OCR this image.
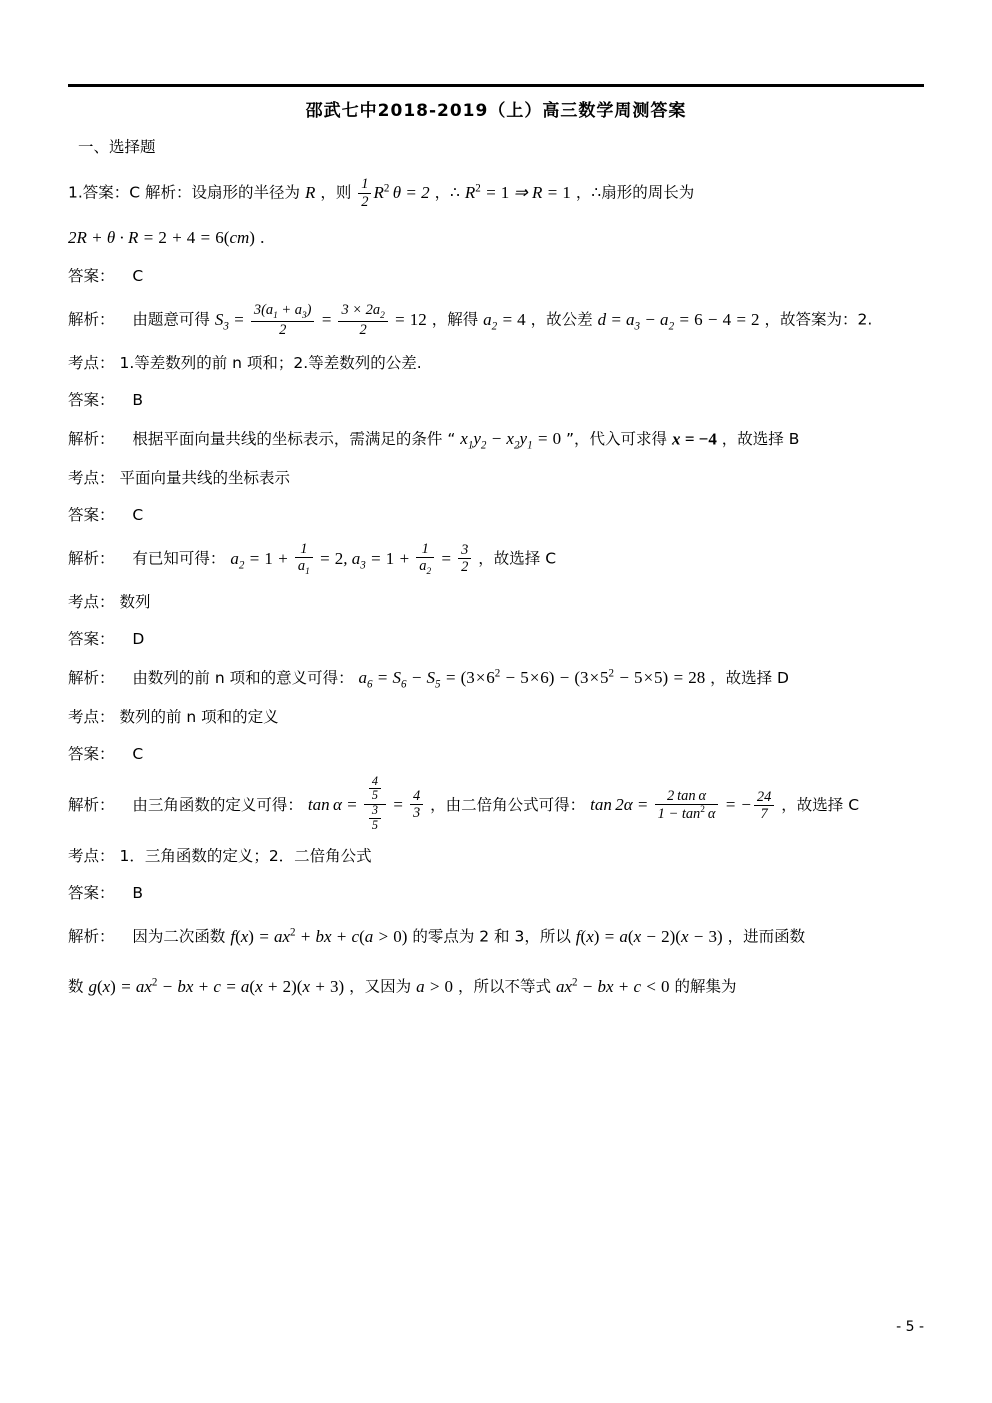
邵武七中2018-2019（上）高三数学周测答案
一、选择题
1.答案：C 解析：设扇形的半径为 R ，则 $\frac{1}{2} R^2$ θ = 2 ，∴ $R^2 = 1$ ⇒ R = 1 ，∴扇形的周长为
2R + θ · R = 2 + 4 = 6(cm) ．
答案： C
解析： 由题意可得 $S_3 = \frac{3(a_1 + a_3)}{2} = \frac{3 \times 2a_2}{2} = 12$ ，解得 $a_2 = 4$ ，故公差 $d = a_3 - a_2 = 6 - 4 = 2$ ，故答案为：2.
考点： 1.等差数列的前 n 项和；2.等差数列的公差.
答案： B
解析： 根据平面向量共线的坐标表示，需满足的条件 “ $x_1y_2 - x_2y_1 = 0$ ”，代入可求得 x = −4 ，故选择 B
考点： 平面向量共线的坐标表示
答案： C
解析： 有已知可得： $a_2 = 1 + \frac{1}{a_1} = 2$, $a_3 = 1 + \frac{1}{a_2} = \frac{3}{2}$ ，故选择 C
考点： 数列
答案： D
解析： 由数列的前 n 项和的意义可得： $a_6 = S_6 - S_5 = (3\times 6^2 - 5\times 6) - (3\times 5^2 - 5\times 5) = 28$ ，故选择 D
考点： 数列的前 n 项和的定义
答案： C
解析： 由三角函数的定义可得： $\tan \alpha = \frac{\frac{4}{5}}{\frac{3}{5}} = \frac{4}{3}$ ，由二倍角公式可得： $\tan 2\alpha = \frac{\text{2 tan α}}{1 - \tan^2 \alpha}$ = − $\frac{24}{7}$ ，故选择 C
考点： 1．三角函数的定义；2．二倍角公式
答案： B
解析： 因为二次函数 $f(x) = ax^2$ + bx + c(a > 0) 的零点为 2 和 3，所以 f(x) = a(x − 2)(x − 3) ，进而函数
数 $g(x) = ax^2$ − bx + c = a(x + 2)(x + 3) ，又因为 a > 0 ，所以不等式 $ax^2$ − bx + c < 0 的解集为
- 5 -
